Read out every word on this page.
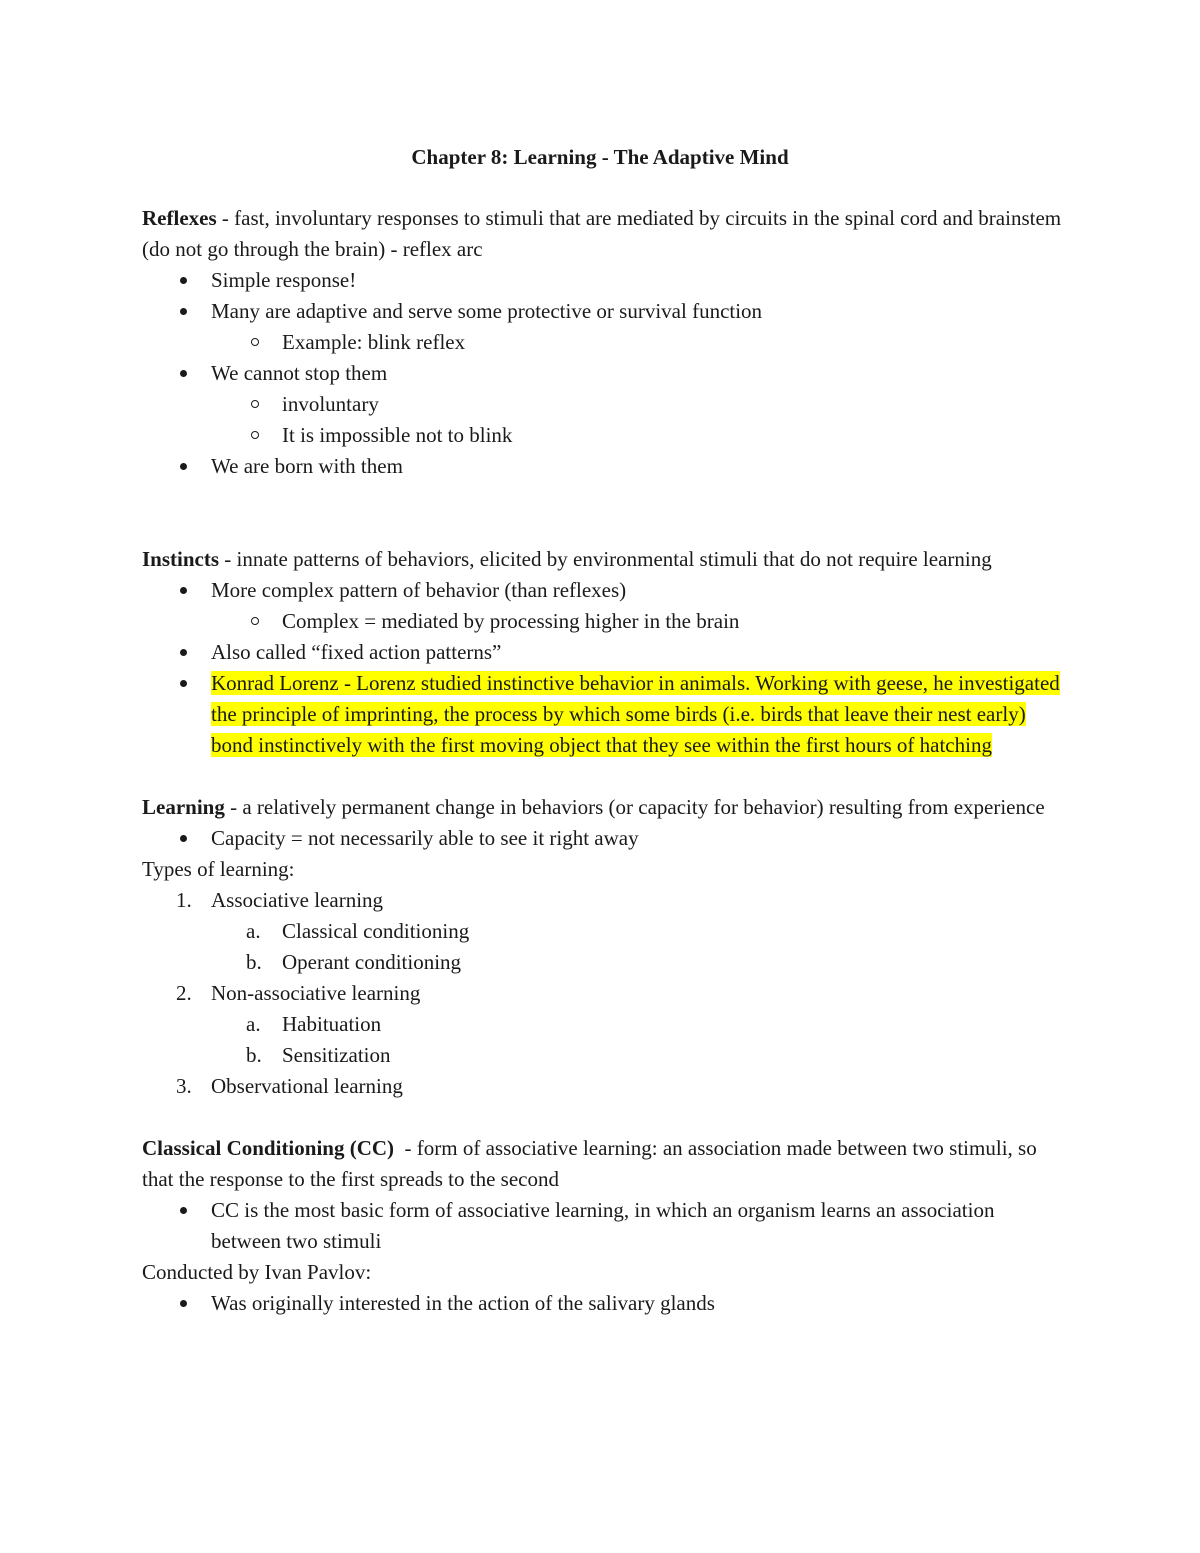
Chapter 8: Learning - The Adaptive Mind
Reflexes - fast, involuntary responses to stimuli that are mediated by circuits in the spinal cord and brainstem (do not go through the brain) - reflex arc
Simple response!
Many are adaptive and serve some protective or survival function
Example: blink reflex
We cannot stop them
involuntary
It is impossible not to blink
We are born with them
Instincts - innate patterns of behaviors, elicited by environmental stimuli that do not require learning
More complex pattern of behavior (than reflexes)
Complex = mediated by processing higher in the brain
Also called “fixed action patterns”
Konrad Lorenz - Lorenz studied instinctive behavior in animals. Working with geese, he investigated the principle of imprinting, the process by which some birds (i.e. birds that leave their nest early) bond instinctively with the first moving object that they see within the first hours of hatching
Learning - a relatively permanent change in behaviors (or capacity for behavior) resulting from experience
Capacity = not necessarily able to see it right away
Types of learning:
1. Associative learning
a. Classical conditioning
b. Operant conditioning
2. Non-associative learning
a. Habituation
b. Sensitization
3. Observational learning
Classical Conditioning (CC)  - form of associative learning: an association made between two stimuli, so that the response to the first spreads to the second
CC is the most basic form of associative learning, in which an organism learns an association between two stimuli
Conducted by Ivan Pavlov:
Was originally interested in the action of the salivary glands
